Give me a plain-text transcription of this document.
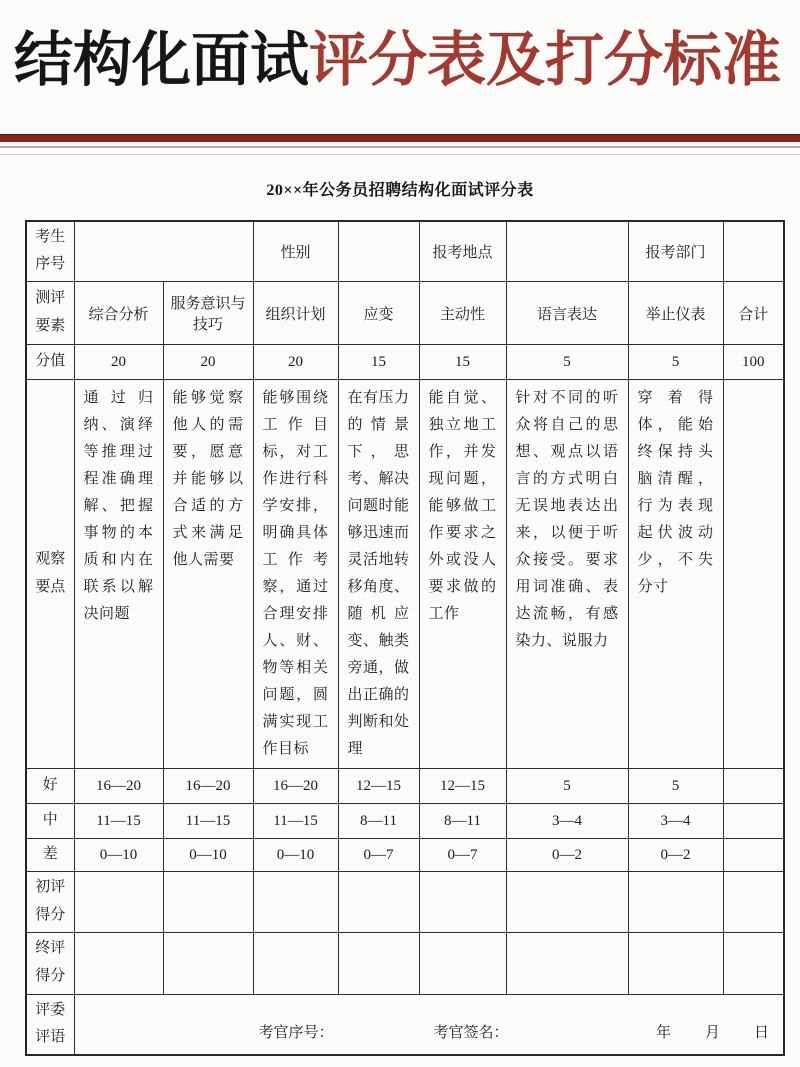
结构化面试评分表及打分标准
20××年公务员招聘结构化面试评分表
考生序号			性别		报考地点		报考部门	
测评要素	综合分析	服务意识与技巧	组织计划	应变	主动性	语言表达	举止仪表	合计
分值	20	20	20	15	15	5	5	100
观察要点	通过归纳、演绎等推理过程准确理解、把握事物的本质和内在联系以解决问题	能够觉察他人的需要，愿意并能够以合适的方式来满足他人需要	能够围绕工作目标，对工作进行科学安排，明确具体工作考察，通过合理安排人、财、物等相关问题，圆满实现工作目标	在有压力的情景下，思考、解决问题时能够迅速而灵活地转移角度、随机应变、触类旁通，做出正确的判断和处理	能自觉、独立地工作，并发现问题，能够做工作要求之外或没人要求做的工作	针对不同的听众将自己的思想、观点以语言的方式明白无误地表达出来，以便于听众接受。要求用词准确、表达流畅，有感染力、说服力	穿着得体，能始终保持头脑清醒，行为表现起伏波动少，不失分寸	
好	16—20	16—20	16—20	12—15	12—15	5	5	
中	11—15	11—15	11—15	8—11	8—11	3—4	3—4	
差	0—10	0—10	0—10	0—7	0—7	0—2	0—2	
初评得分								
终评得分								
评委评语	考官序号： 考官签名： 年 月 日							
